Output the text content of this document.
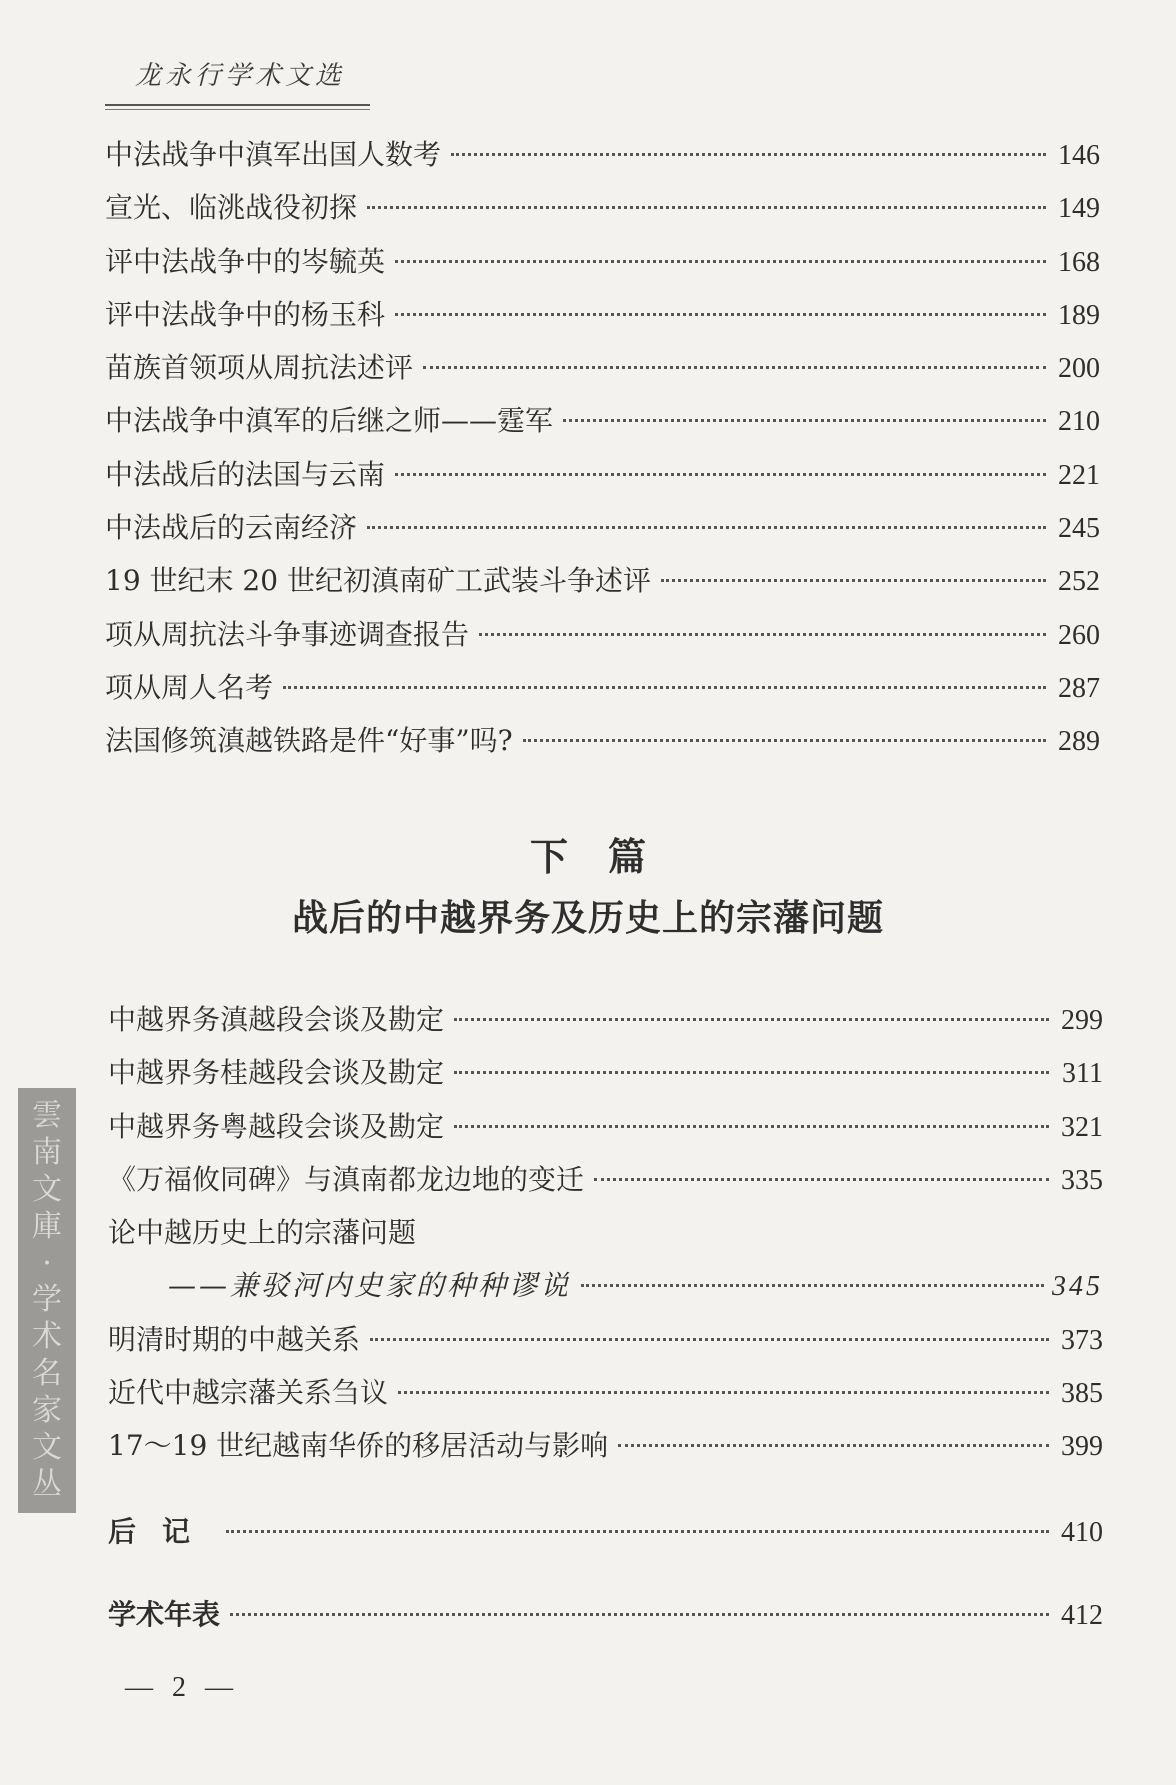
龙永行学术文选
中法战争中滇军出国人数考	146
宣光、临洮战役初探	149
评中法战争中的岑毓英	168
评中法战争中的杨玉科	189
苗族首领项从周抗法述评	200
中法战争中滇军的后继之师——霆军	210
中法战后的法国与云南	221
中法战后的云南经济	245
19 世纪末 20 世纪初滇南矿工武装斗争述评	252
项从周抗法斗争事迹调查报告	260
项从周人名考	287
法国修筑滇越铁路是件“好事”吗?	289
下篇
战后的中越界务及历史上的宗藩问题
中越界务滇越段会谈及勘定	299
中越界务桂越段会谈及勘定	311
中越界务粤越段会谈及勘定	321
《万福攸同碑》与滇南都龙边地的变迁	335
论中越历史上的宗藩问题
——兼驳河内史家的种种谬说	345
明清时期的中越关系	373
近代中越宗藩关系刍议	385
17～19 世纪越南华侨的移居活动与影响	399
后记	410
学术年表	412
— 2 —
雲
南
文
庫
·
学
术
名
家
文
丛
